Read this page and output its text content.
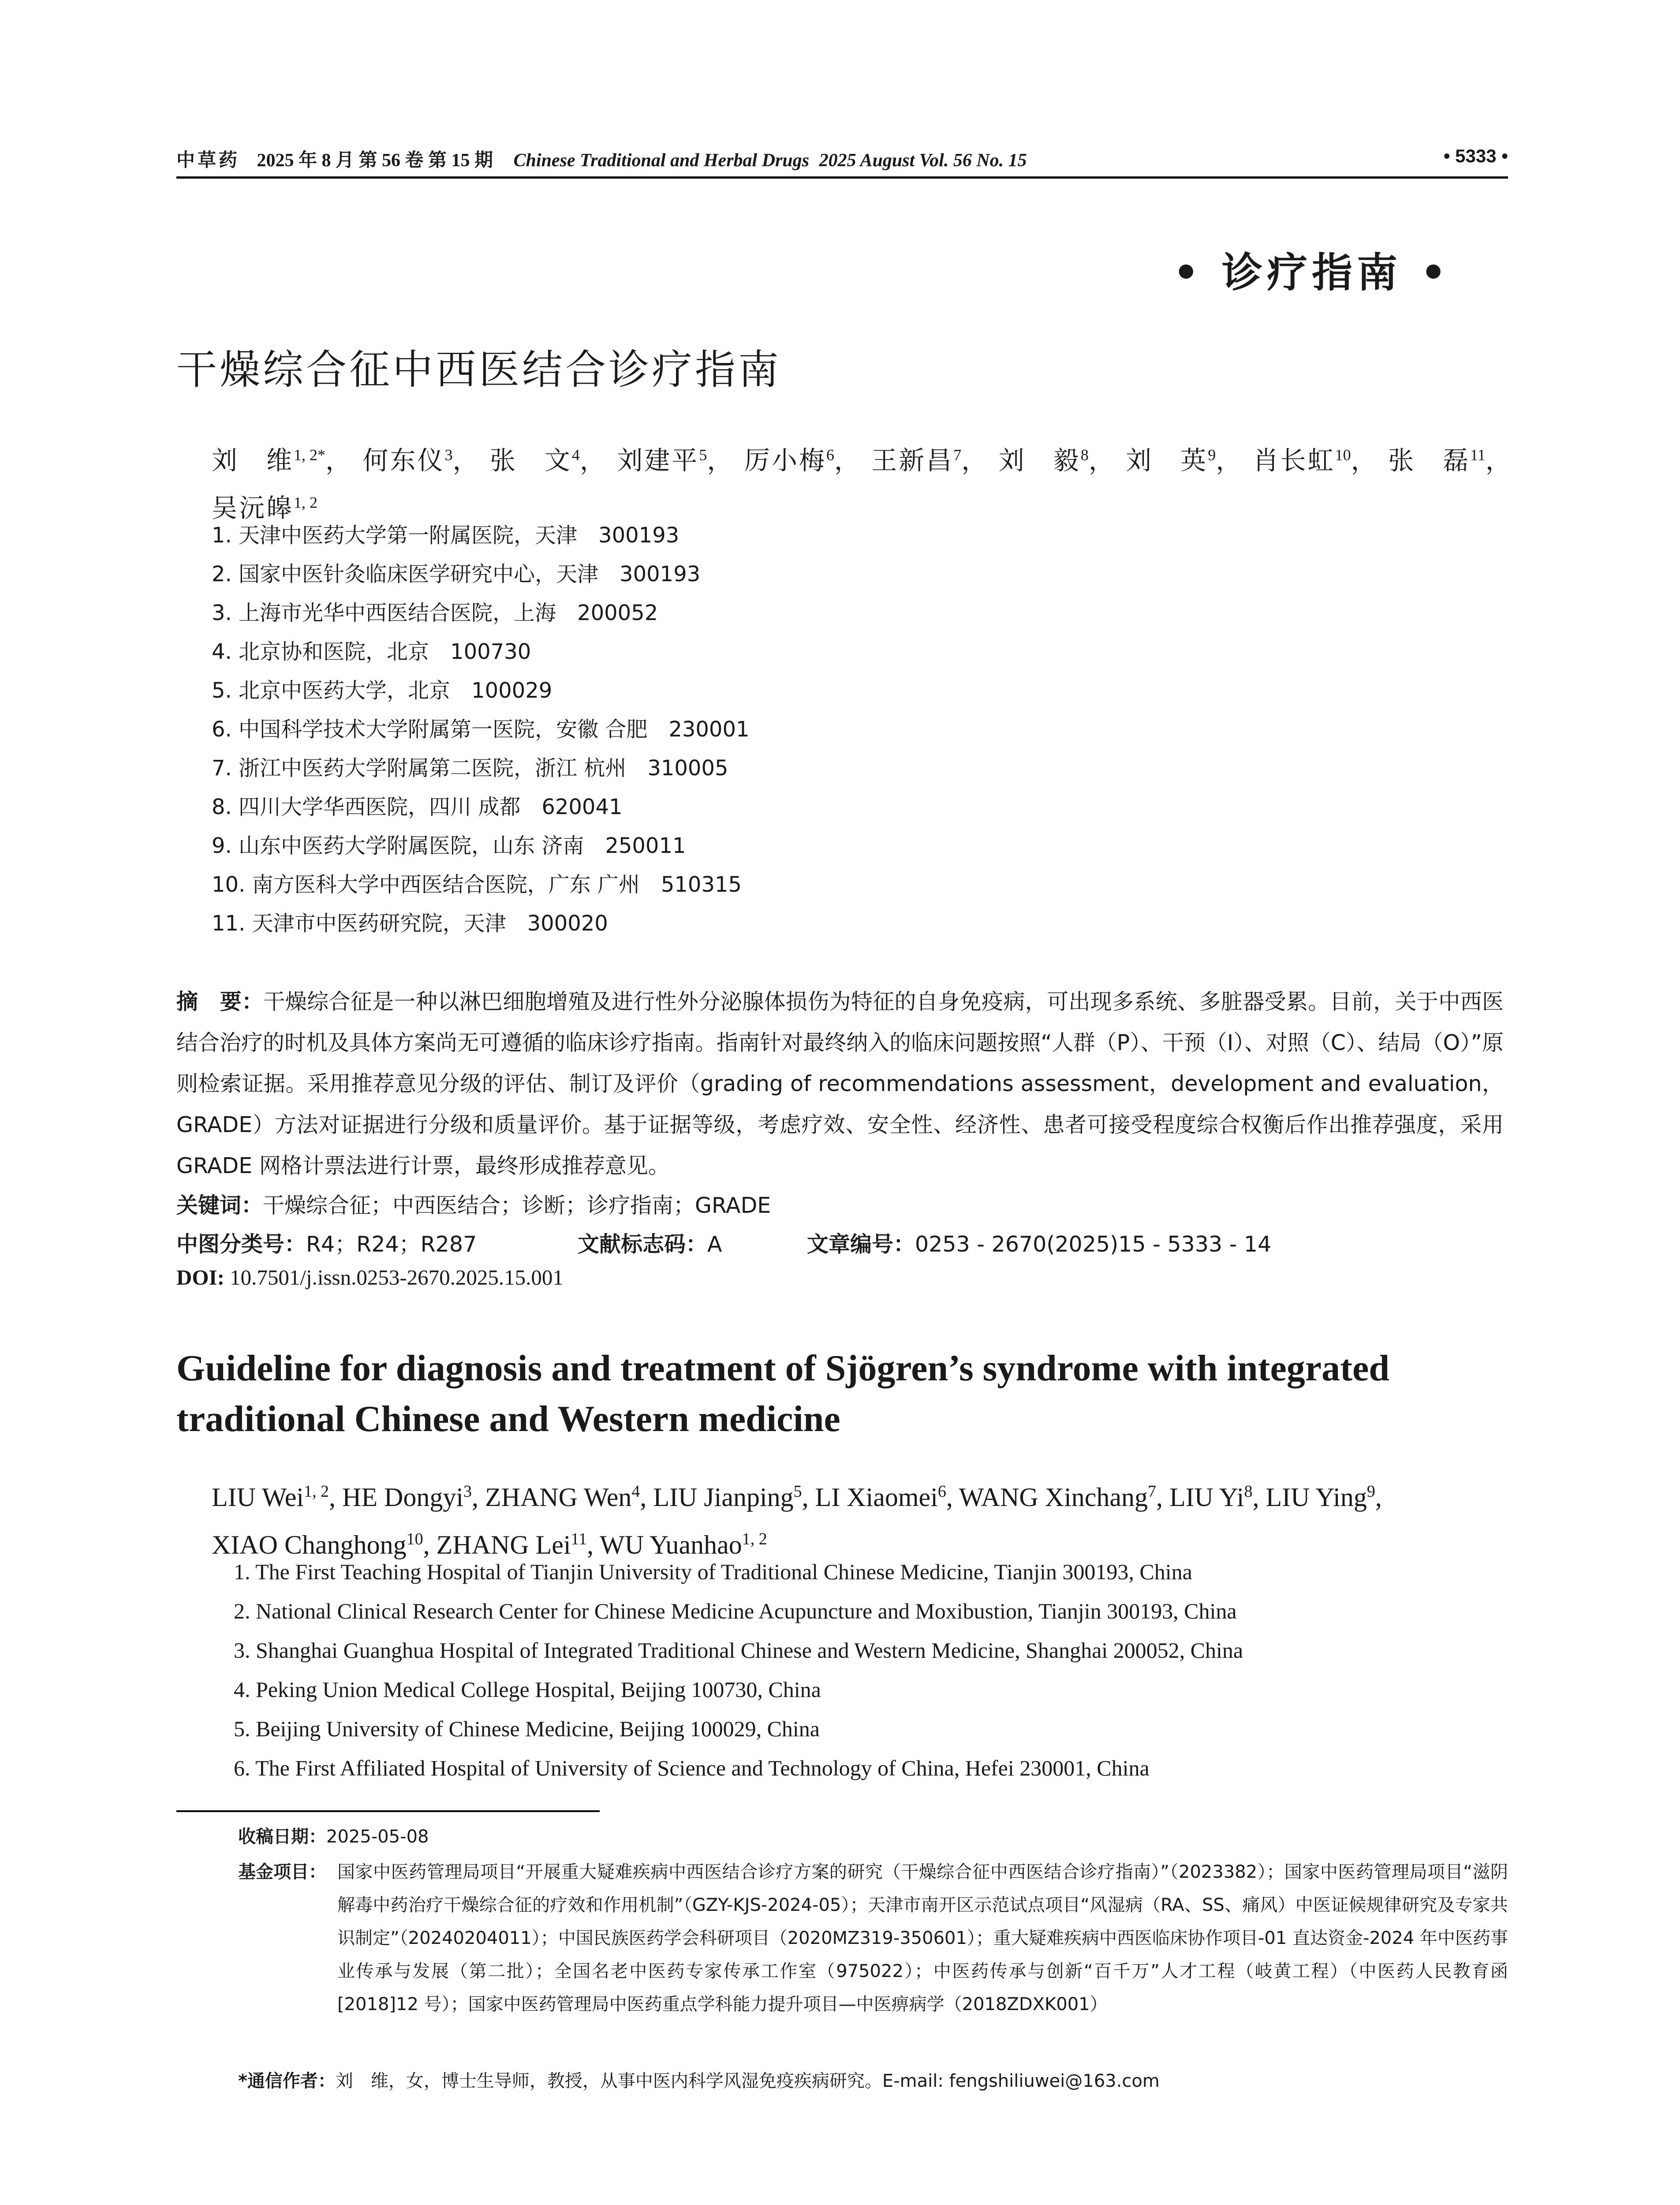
中草药 2025 年 8 月 第 56 卷 第 15 期 Chinese Traditional and Herbal Drugs 2025 August Vol. 56 No. 15	• 5333 •
• 诊疗指南 •
干燥综合征中西医结合诊疗指南
刘　维$^{1, 2*}$， 何东仪$^3$， 张　文$^4$， 刘建平$^5$， 厉小梅$^6$， 王新昌$^7$， 刘　毅$^8$， 刘　英$^9$， 肖长虹$^{10}$， 张　磊$^{11}$，
吴沅皞$^{1, 2}$
1. 天津中医药大学第一附属医院，天津　300193
2. 国家中医针灸临床医学研究中心，天津　300193
3. 上海市光华中西医结合医院，上海　200052
4. 北京协和医院，北京　100730
5. 北京中医药大学，北京　100029
6. 中国科学技术大学附属第一医院，安徽 合肥　230001
7. 浙江中医药大学附属第二医院，浙江 杭州　310005
8. 四川大学华西医院，四川 成都　620041
9. 山东中医药大学附属医院，山东 济南　250011
10. 南方医科大学中西医结合医院，广东 广州　510315
11. 天津市中医药研究院，天津　300020
摘　要：干燥综合征是一种以淋巴细胞增殖及进行性外分泌腺体损伤为特征的自身免疫病，可出现多系统、多脏器受累。目前，关于中西医结合治疗的时机及具体方案尚无可遵循的临床诊疗指南。指南针对最终纳入的临床问题按照“人群（P）、干预（I）、对照（C）、结局（O）”原则检索证据。采用推荐意见分级的评估、制订及评价（grading of recommendations assessment，development and evaluation，GRADE）方法对证据进行分级和质量评价。基于证据等级，考虑疗效、安全性、经济性、患者可接受程度综合权衡后作出推荐强度，采用 GRADE 网格计票法进行计票，最终形成推荐意见。
关键词：干燥综合征；中西医结合；诊断；诊疗指南；GRADE
中图分类号：R4；R24；R287	文献标志码：A	文章编号：0253 - 2670(2025)15 - 5333 - 14
DOI: 10.7501/j.issn.0253-2670.2025.15.001
Guideline for diagnosis and treatment of Sjögren’s syndrome with integrated traditional Chinese and Western medicine
LIU Wei$^{1, 2}$, HE Dongyi$^3$, ZHANG Wen$^4$, LIU Jianping$^5$, LI Xiaomei$^6$, WANG Xinchang$^7$, LIU Yi$^8$, LIU Ying$^9$,
XIAO Changhong$^{10}$, ZHANG Lei$^{11}$, WU Yuanhao$^{1, 2}$
1. The First Teaching Hospital of Tianjin University of Traditional Chinese Medicine, Tianjin 300193, China
2. National Clinical Research Center for Chinese Medicine Acupuncture and Moxibustion, Tianjin 300193, China
3. Shanghai Guanghua Hospital of Integrated Traditional Chinese and Western Medicine, Shanghai 200052, China
4. Peking Union Medical College Hospital, Beijing 100730, China
5. Beijing University of Chinese Medicine, Beijing 100029, China
6. The First Affiliated Hospital of University of Science and Technology of China, Hefei 230001, China
收稿日期：2025-05-08
基金项目： 国家中医药管理局项目“开展重大疑难疾病中西医结合诊疗方案的研究（干燥综合征中西医结合诊疗指南）”（2023382）；国家中医药管理局项目“滋阴解毒中药治疗干燥综合征的疗效和作用机制”（GZY-KJS-2024-05）；天津市南开区示范试点项目“风湿病（RA、SS、痛风）中医证候规律研究及专家共识制定”（20240204011）；中国民族医药学会科研项目（2020MZ319-350601）；重大疑难疾病中西医临床协作项目-01 直达资金-2024 年中医药事业传承与发展（第二批）；全国名老中医药专家传承工作室（975022）；中医药传承与创新“百千万”人才工程（岐黄工程）（中医药人民教育函[2018]12 号）；国家中医药管理局中医药重点学科能力提升项目—中医痹病学（2018ZDXK001）
*通信作者：刘　维，女，博士生导师，教授，从事中医内科学风湿免疫疾病研究。E-mail: fengshiliuwei@163.com
